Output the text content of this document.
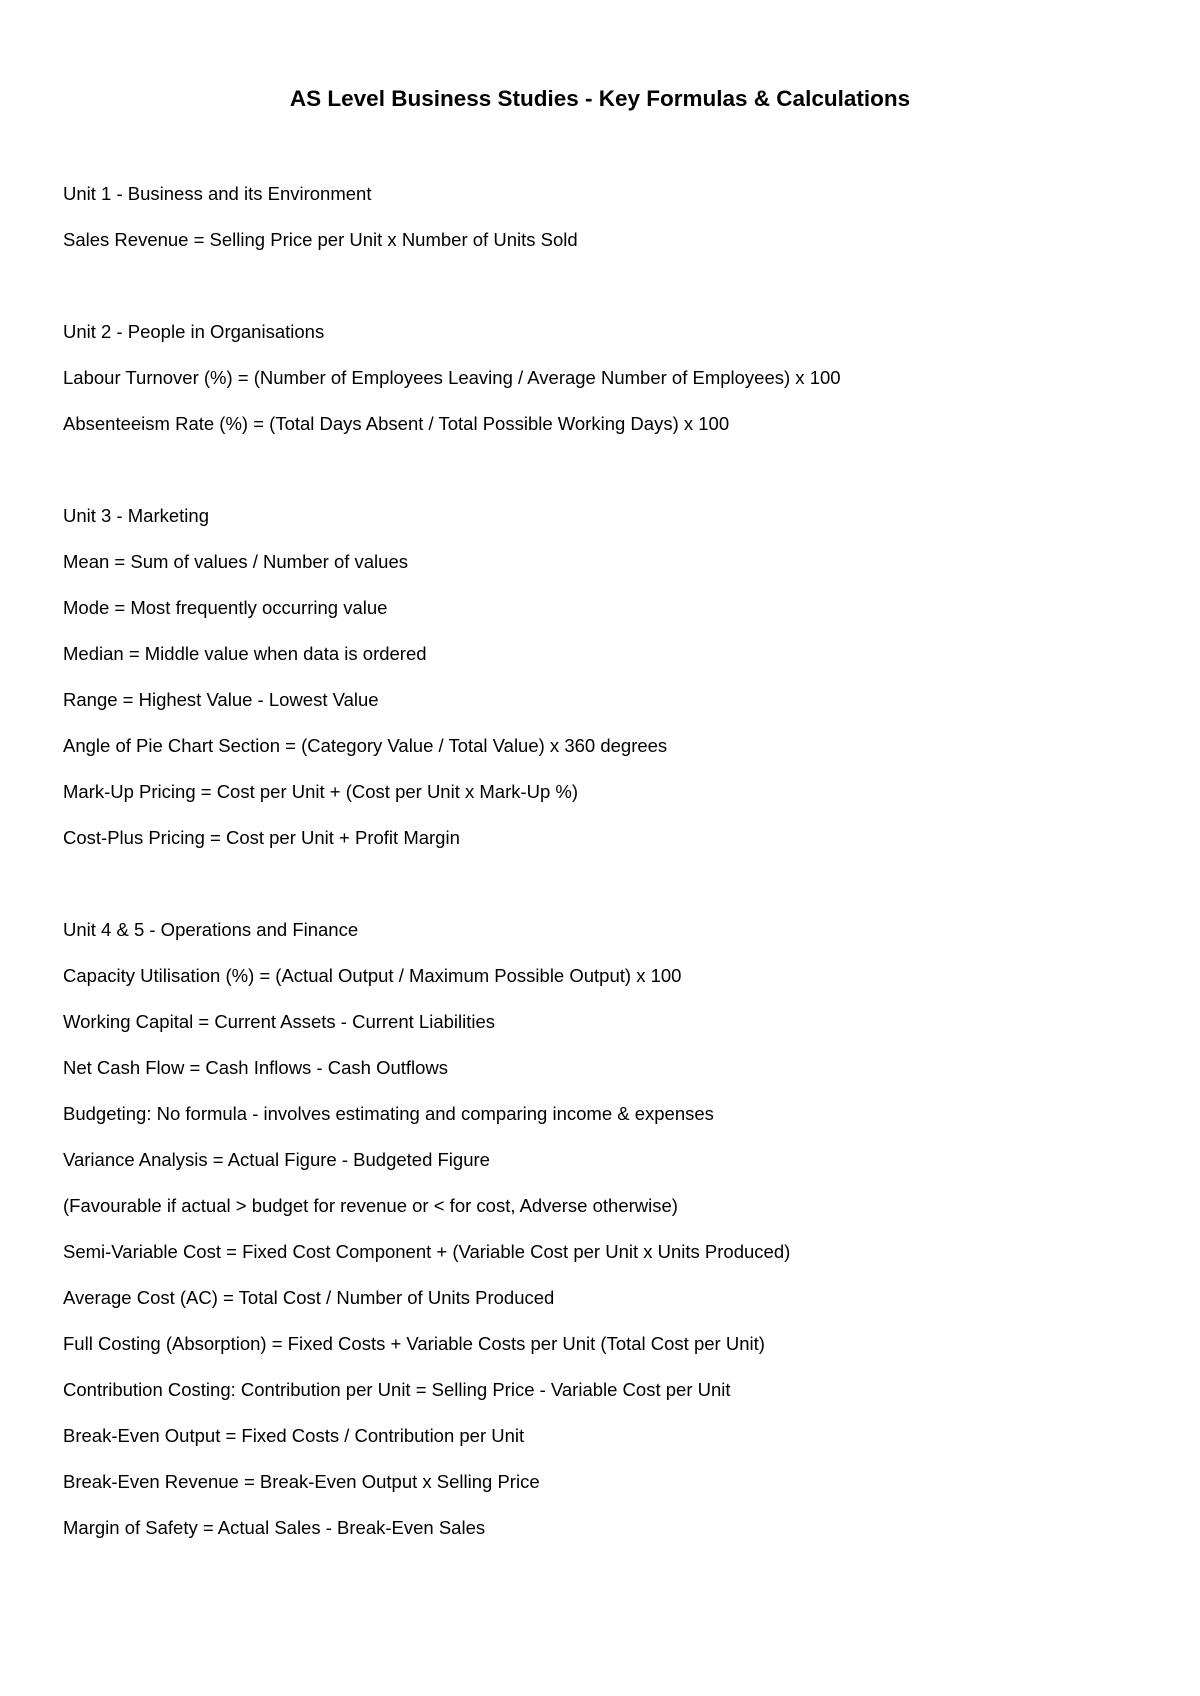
AS Level Business Studies - Key Formulas & Calculations
Unit 1 - Business and its Environment
Sales Revenue = Selling Price per Unit x Number of Units Sold
Unit 2 - People in Organisations
Labour Turnover (%) = (Number of Employees Leaving / Average Number of Employees) x 100
Absenteeism Rate (%) = (Total Days Absent / Total Possible Working Days) x 100
Unit 3 - Marketing
Mean = Sum of values / Number of values
Mode = Most frequently occurring value
Median = Middle value when data is ordered
Range = Highest Value - Lowest Value
Angle of Pie Chart Section = (Category Value / Total Value) x 360 degrees
Mark-Up Pricing = Cost per Unit + (Cost per Unit x Mark-Up %)
Cost-Plus Pricing = Cost per Unit + Profit Margin
Unit 4 & 5 - Operations and Finance
Capacity Utilisation (%) = (Actual Output / Maximum Possible Output) x 100
Working Capital = Current Assets - Current Liabilities
Net Cash Flow = Cash Inflows - Cash Outflows
Budgeting: No formula - involves estimating and comparing income & expenses
Variance Analysis = Actual Figure - Budgeted Figure
(Favourable if actual > budget for revenue or < for cost, Adverse otherwise)
Semi-Variable Cost = Fixed Cost Component + (Variable Cost per Unit x Units Produced)
Average Cost (AC) = Total Cost / Number of Units Produced
Full Costing (Absorption) = Fixed Costs + Variable Costs per Unit (Total Cost per Unit)
Contribution Costing: Contribution per Unit = Selling Price - Variable Cost per Unit
Break-Even Output = Fixed Costs / Contribution per Unit
Break-Even Revenue = Break-Even Output x Selling Price
Margin of Safety = Actual Sales - Break-Even Sales
